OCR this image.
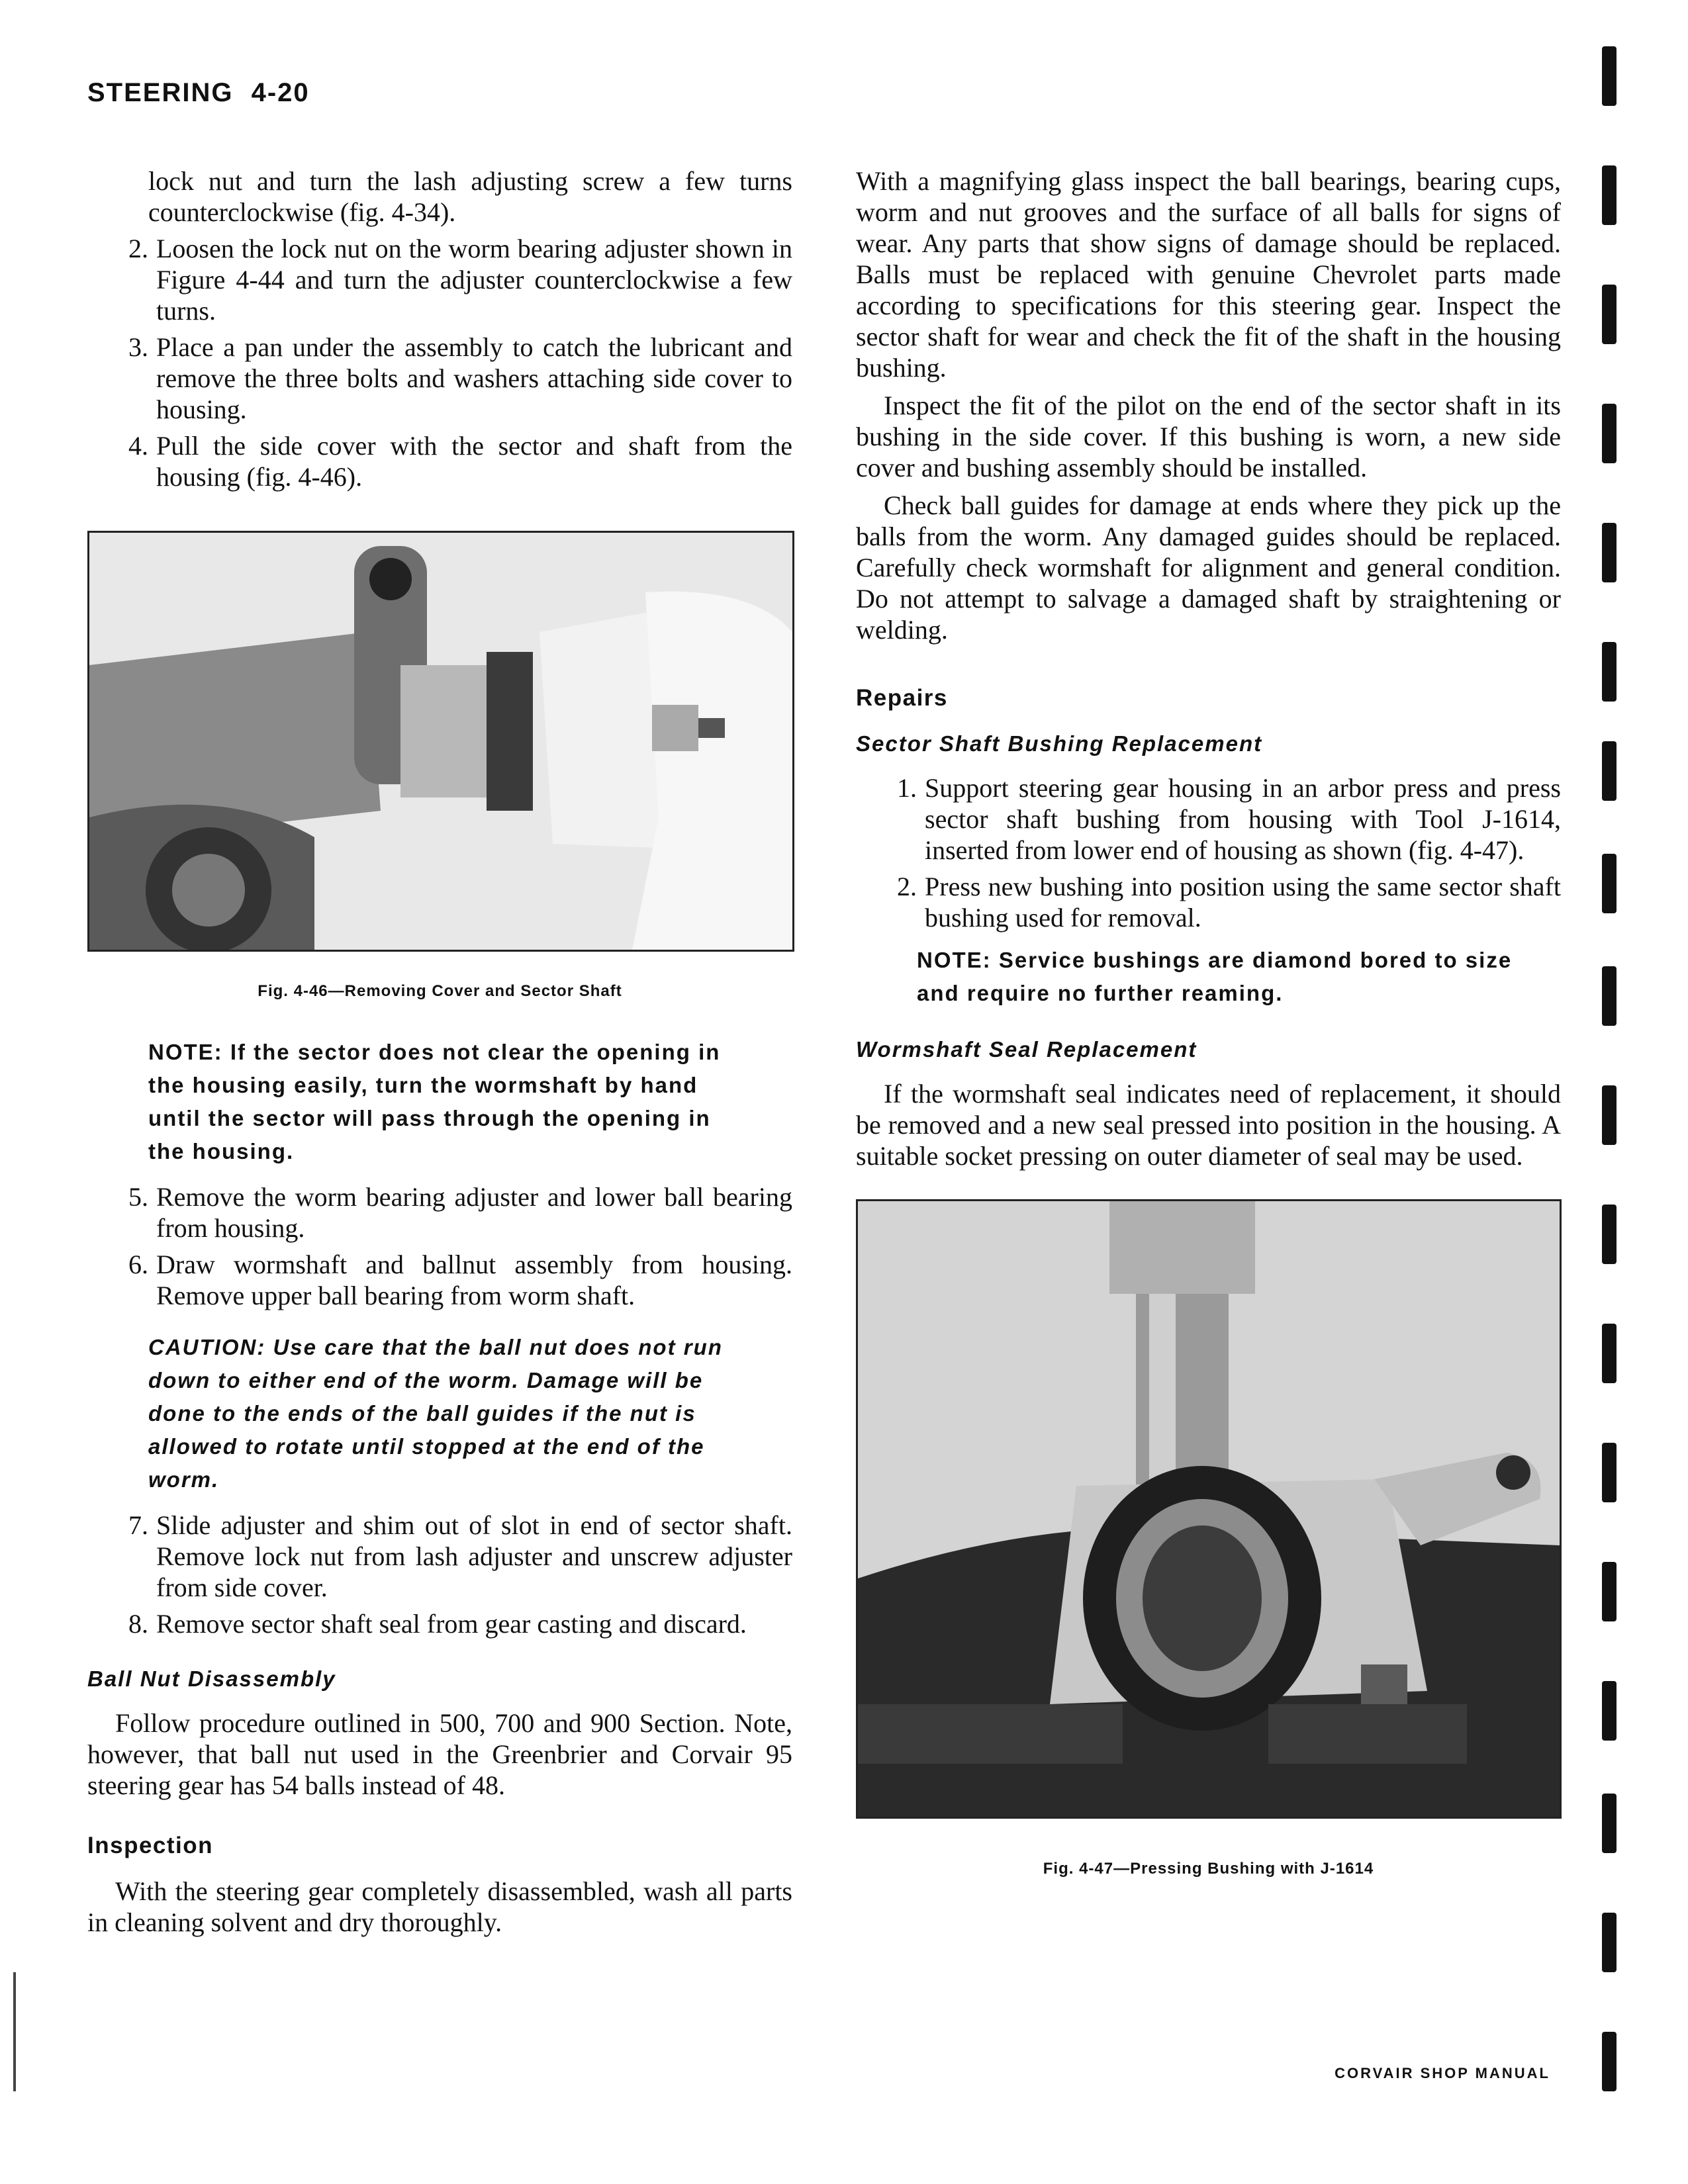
STEERING 4-20
lock nut and turn the lash adjusting screw a few turns counterclockwise (fig. 4-34).
2. Loosen the lock nut on the worm bearing adjuster shown in Figure 4-44 and turn the adjuster counterclockwise a few turns.
3. Place a pan under the assembly to catch the lubricant and remove the three bolts and washers attaching side cover to housing.
4. Pull the side cover with the sector and shaft from the housing (fig. 4-46).
Fig. 4-46—Removing Cover and Sector Shaft
NOTE: If the sector does not clear the opening in the housing easily, turn the wormshaft by hand until the sector will pass through the opening in the housing.
5. Remove the worm bearing adjuster and lower ball bearing from housing.
6. Draw wormshaft and ballnut assembly from housing. Remove upper ball bearing from worm shaft.
CAUTION: Use care that the ball nut does not run down to either end of the worm. Damage will be done to the ends of the ball guides if the nut is allowed to rotate until stopped at the end of the worm.
7. Slide adjuster and shim out of slot in end of sector shaft. Remove lock nut from lash adjuster and unscrew adjuster from side cover.
8. Remove sector shaft seal from gear casting and discard.
Ball Nut Disassembly

Follow procedure outlined in 500, 700 and 900 Section. Note, however, that ball nut used in the Greenbrier and Corvair 95 steering gear has 54 balls instead of 48.

Inspection

With the steering gear completely disassembled, wash all parts in cleaning solvent and dry thoroughly.

With a magnifying glass inspect the ball bearings, bearing cups, worm and nut grooves and the surface of all balls for signs of wear. Any parts that show signs of damage should be replaced. Balls must be replaced with genuine Chevrolet parts made according to specifications for this steering gear. Inspect the sector shaft for wear and check the fit of the shaft in the housing bushing.

Inspect the fit of the pilot on the end of the sector shaft in its bushing in the side cover. If this bushing is worn, a new side cover and bushing assembly should be installed.

Check ball guides for damage at ends where they pick up the balls from the worm. Any damaged guides should be replaced. Carefully check wormshaft for alignment and general condition. Do not attempt to salvage a damaged shaft by straightening or welding.

Repairs
Sector Shaft Bushing Replacement
1. Support steering gear housing in an arbor press and press sector shaft bushing from housing with Tool J-1614, inserted from lower end of housing as shown (fig. 4-47).
2. Press new bushing into position using the same sector shaft bushing used for removal.
NOTE: Service bushings are diamond bored to size and require no further reaming.
Wormshaft Seal Replacement

If the wormshaft seal indicates need of replacement, it should be removed and a new seal pressed into position in the housing. A suitable socket pressing on outer diameter of seal may be used.

Fig. 4-47—Pressing Bushing with J-1614
CORVAIR SHOP MANUAL
